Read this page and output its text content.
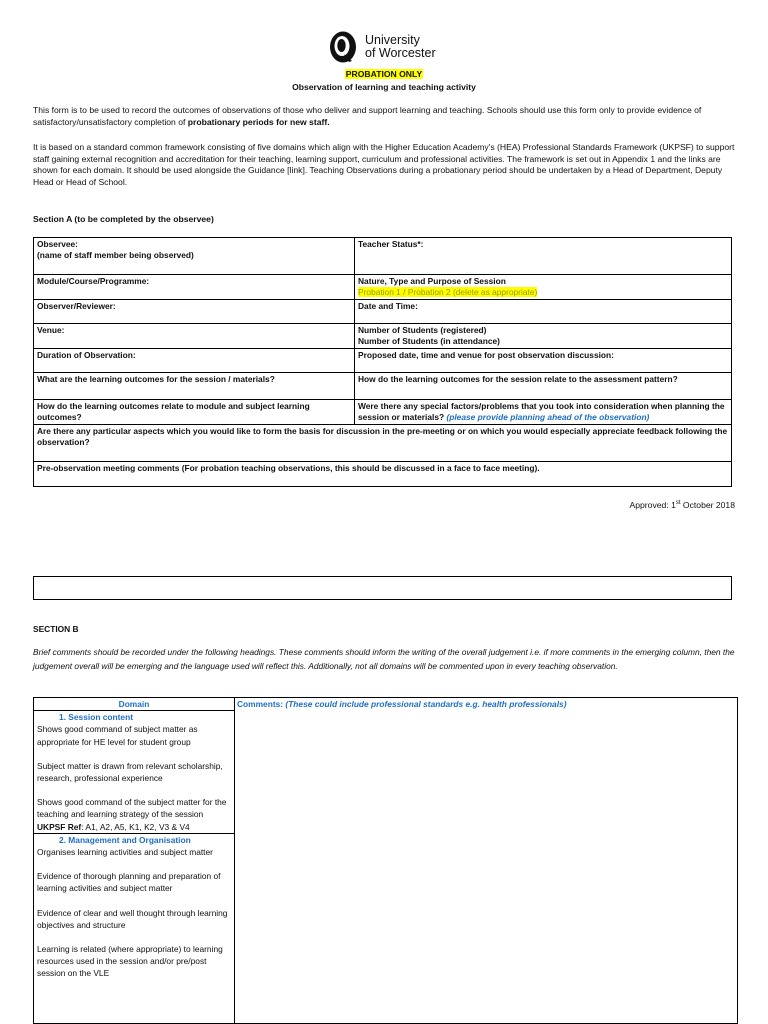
University
of Worcester
PROBATION ONLY
Observation of learning and teaching activity
This form is to be used to record the outcomes of observations of those who deliver and support learning and teaching. Schools should use this form only to provide evidence of satisfactory/unsatisfactory completion of probationary periods for new staff.
It is based on a standard common framework consisting of five domains which align with the Higher Education Academy's (HEA) Professional Standards Framework (UKPSF) to support staff gaining external recognition and accreditation for their teaching, learning support, curriculum and professional activities. The framework is set out in Appendix 1 and the links are shown for each domain. It should be used alongside the Guidance [link]. Teaching Observations during a probationary period should be undertaken by a Head of Department, Deputy Head or Head of School.
Section A (to be completed by the observee)
Observee:
(name of staff member being observed)	Teacher Status*:

Module/Course/Programme:	Nature, Type and Purpose of Session
Probation 1 / Probation 2 (delete as appropriate)

Observer/Reviewer:	Date and Time:

Venue:	Number of Students (registered)
Number of Students (in attendance)

Duration of Observation:	Proposed date, time and venue for post observation discussion:

What are the learning outcomes for the session / materials?	How do the learning outcomes for the session relate to the assessment pattern?

How do the learning outcomes relate to module and subject learning outcomes?	Were there any special factors/problems that you took into consideration when planning the session or materials? (please provide planning ahead of the observation)

Are there any particular aspects which you would like to form the basis for discussion in the pre-meeting or on which you would especially appreciate feedback following the observation?	

Pre-observation meeting comments (For probation teaching observations, this should be discussed in a face to face meeting).	
Approved: 1st October 2018
SECTION B
Brief comments should be recorded under the following headings. These comments should inform the writing of the overall judgement i.e. if more comments in the emerging column, then the judgement overall will be emerging and the language used will reflect this. Additionally, not all domains will be commented upon in every teaching observation.
Domain	Comments: (These could include professional standards e.g. health professionals)

1. Session content
Shows good command of subject matter as appropriate for HE level for student group
Subject matter is drawn from relevant scholarship, research, professional experience
Shows good command of the subject matter for the teaching and learning strategy of the session
UKPSF Ref: A1, A2, A5, K1, K2, V3 & V4

2. Management and Organisation
Organises learning activities and subject matter
Evidence of thorough planning and preparation of learning activities and subject matter
Evidence of clear and well thought through learning objectives and structure
Learning is related (where appropriate) to learning resources used in the session and/or pre/post session on the VLE
